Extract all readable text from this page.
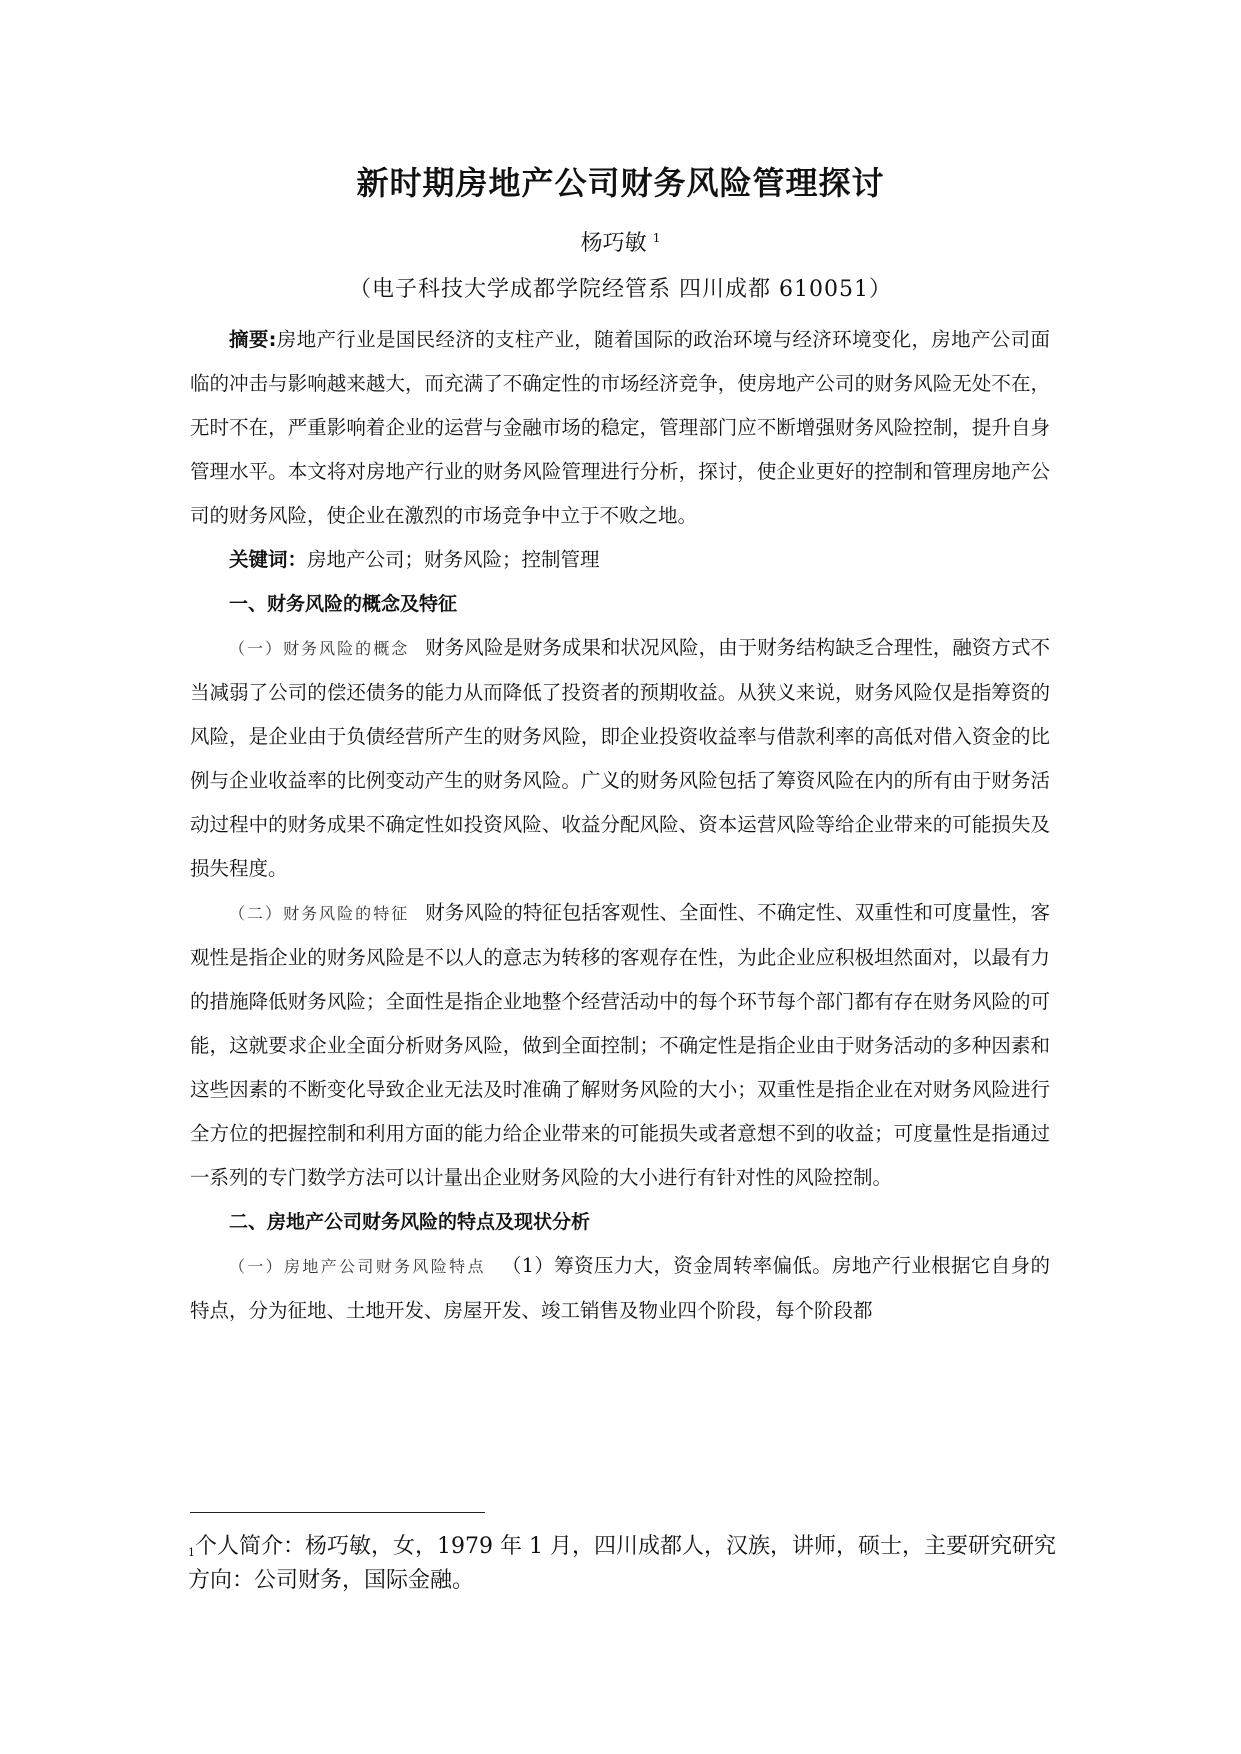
新时期房地产公司财务风险管理探讨
杨巧敏 $^1$
（电子科技大学成都学院经管系 四川成都 610051）

摘要:房地产行业是国民经济的支柱产业，随着国际的政治环境与经济环境变化，房地产公司面临的冲击与影响越来越大，而充满了不确定性的市场经济竞争，使房地产公司的财务风险无处不在，无时不在，严重影响着企业的运营与金融市场的稳定，管理部门应不断增强财务风险控制，提升自身管理水平。本文将对房地产行业的财务风险管理进行分析，探讨，使企业更好的控制和管理房地产公司的财务风险，使企业在激烈的市场竞争中立于不败之地。

关键词：房地产公司；财务风险；控制管理

一、财务风险的概念及特征

（一）财务风险的概念 财务风险是财务成果和状况风险，由于财务结构缺乏合理性，融资方式不当减弱了公司的偿还债务的能力从而降低了投资者的预期收益。从狭义来说，财务风险仅是指筹资的风险，是企业由于负债经营所产生的财务风险，即企业投资收益率与借款利率的高低对借入资金的比例与企业收益率的比例变动产生的财务风险。广义的财务风险包括了筹资风险在内的所有由于财务活动过程中的财务成果不确定性如投资风险、收益分配风险、资本运营风险等给企业带来的可能损失及损失程度。

（二）财务风险的特征 财务风险的特征包括客观性、全面性、不确定性、双重性和可度量性，客观性是指企业的财务风险是不以人的意志为转移的客观存在性，为此企业应积极坦然面对，以最有力的措施降低财务风险；全面性是指企业地整个经营活动中的每个环节每个部门都有存在财务风险的可能，这就要求企业全面分析财务风险，做到全面控制；不确定性是指企业由于财务活动的多种因素和这些因素的不断变化导致企业无法及时准确了解财务风险的大小；双重性是指企业在对财务风险进行全方位的把握控制和利用方面的能力给企业带来的可能损失或者意想不到的收益；可度量性是指通过一系列的专门数学方法可以计量出企业财务风险的大小进行有针对性的风险控制。

二、房地产公司财务风险的特点及现状分析

（一）房地产公司财务风险特点 （1）筹资压力大，资金周转率偏低。房地产行业根据它自身的特点，分为征地、土地开发、房屋开发、竣工销售及物业四个阶段，每个阶段都

$^1$个人简介：杨巧敏，女，1979 年 1 月，四川成都人，汉族，讲师，硕士，主要研究研究方向：公司财务，国际金融。
